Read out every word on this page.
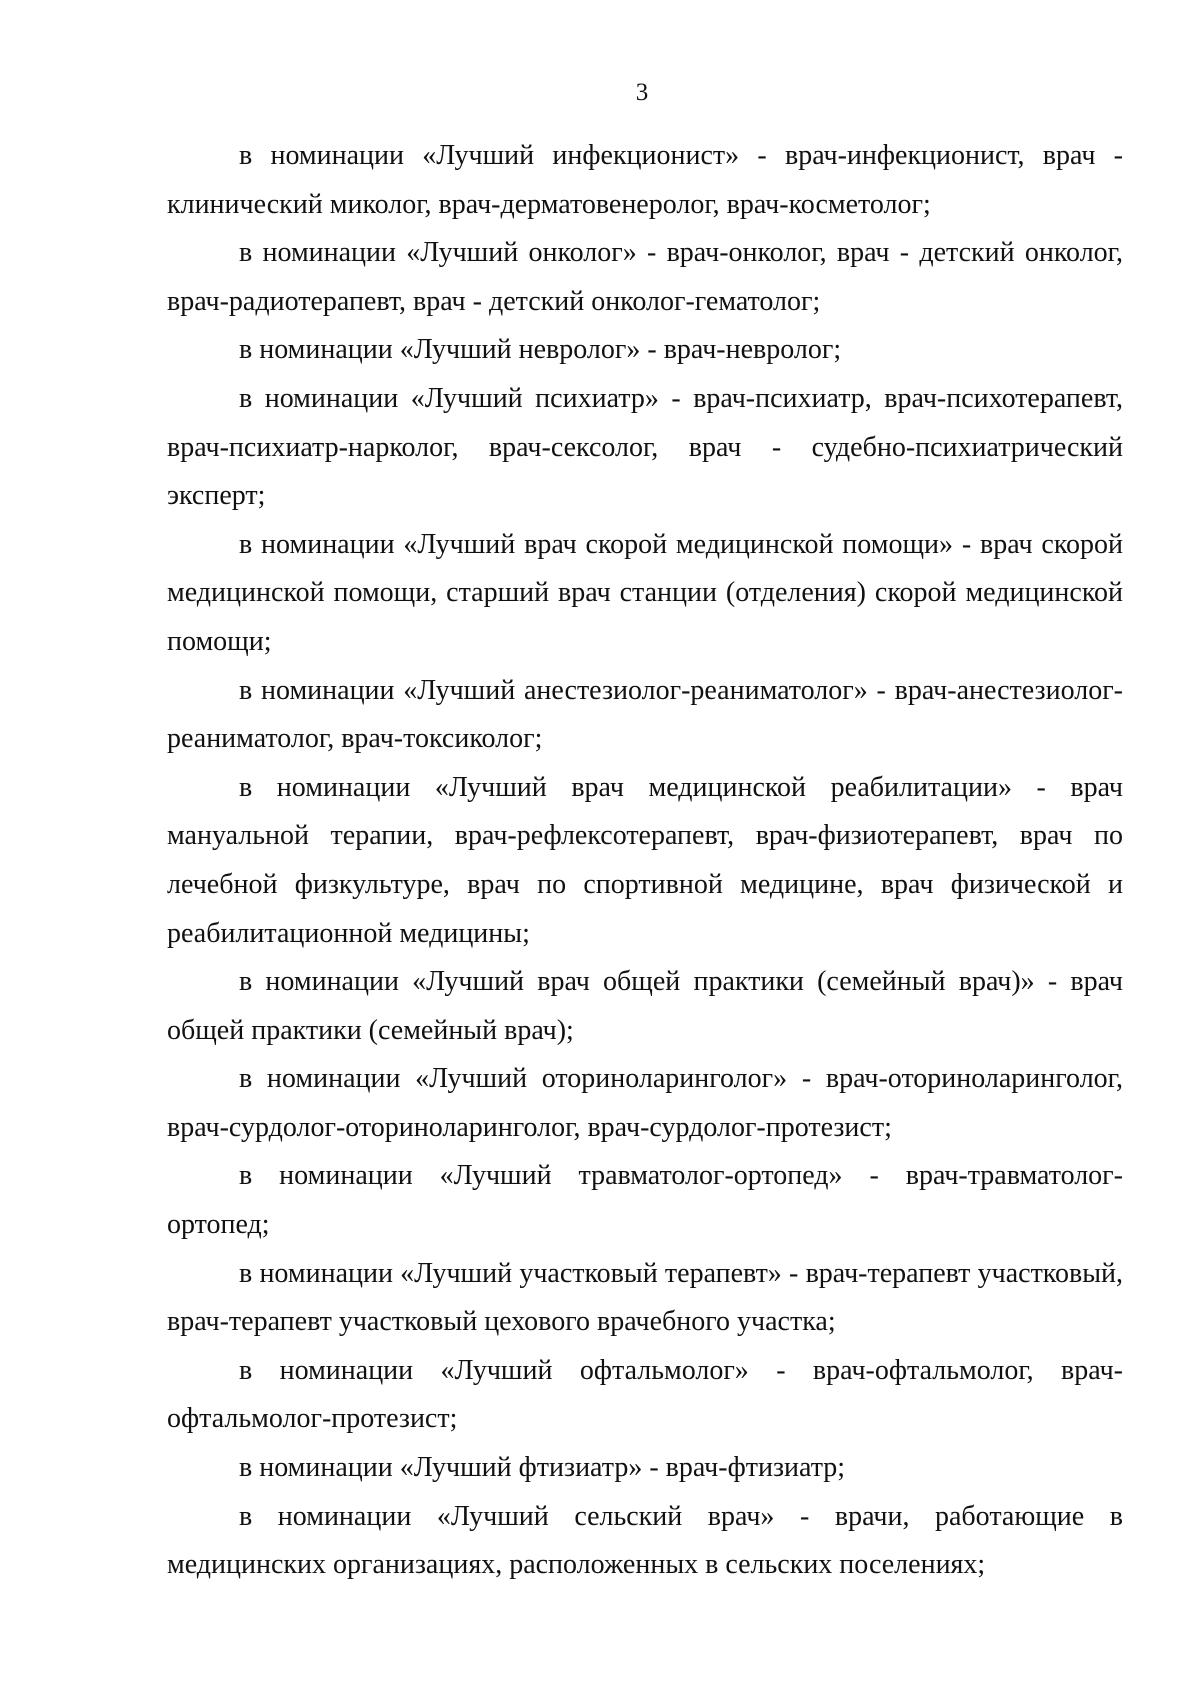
3

в номинации «Лучший инфекционист» - врач-инфекционист, врач - клинический миколог, врач-дерматовенеролог, врач-косметолог;

в номинации «Лучший онколог» - врач-онколог, врач - детский онколог, врач-радиотерапевт, врач - детский онколог-гематолог;

в номинации «Лучший невролог» - врач-невролог;

в номинации «Лучший психиатр» - врач-психиатр, врач-психотерапевт, врач-психиатр-нарколог, врач-сексолог, врач - судебно-психиатрический эксперт;

в номинации «Лучший врач скорой медицинской помощи» - врач скорой медицинской помощи, старший врач станции (отделения) скорой медицинской помощи;

в номинации «Лучший анестезиолог-реаниматолог» - врач-анестезиолог-реаниматолог, врач-токсиколог;

в номинации «Лучший врач медицинской реабилитации» - врач мануальной терапии, врач-рефлексотерапевт, врач-физиотерапевт, врач по лечебной физкультуре, врач по спортивной медицине, врач физической и реабилитационной медицины;

в номинации «Лучший врач общей практики (семейный врач)» - врач общей практики (семейный врач);

в номинации «Лучший оториноларинголог» - врач-оториноларинголог, врач-сурдолог-оториноларинголог, врач-сурдолог-протезист;

в номинации «Лучший травматолог-ортопед» - врач-травматолог-ортопед;

в номинации «Лучший участковый терапевт» - врач-терапевт участковый, врач-терапевт участковый цехового врачебного участка;

в номинации «Лучший офтальмолог» - врач-офтальмолог, врач-офтальмолог-протезист;

в номинации «Лучший фтизиатр» - врач-фтизиатр;

в номинации «Лучший сельский врач» - врачи, работающие в медицинских организациях, расположенных в сельских поселениях;
